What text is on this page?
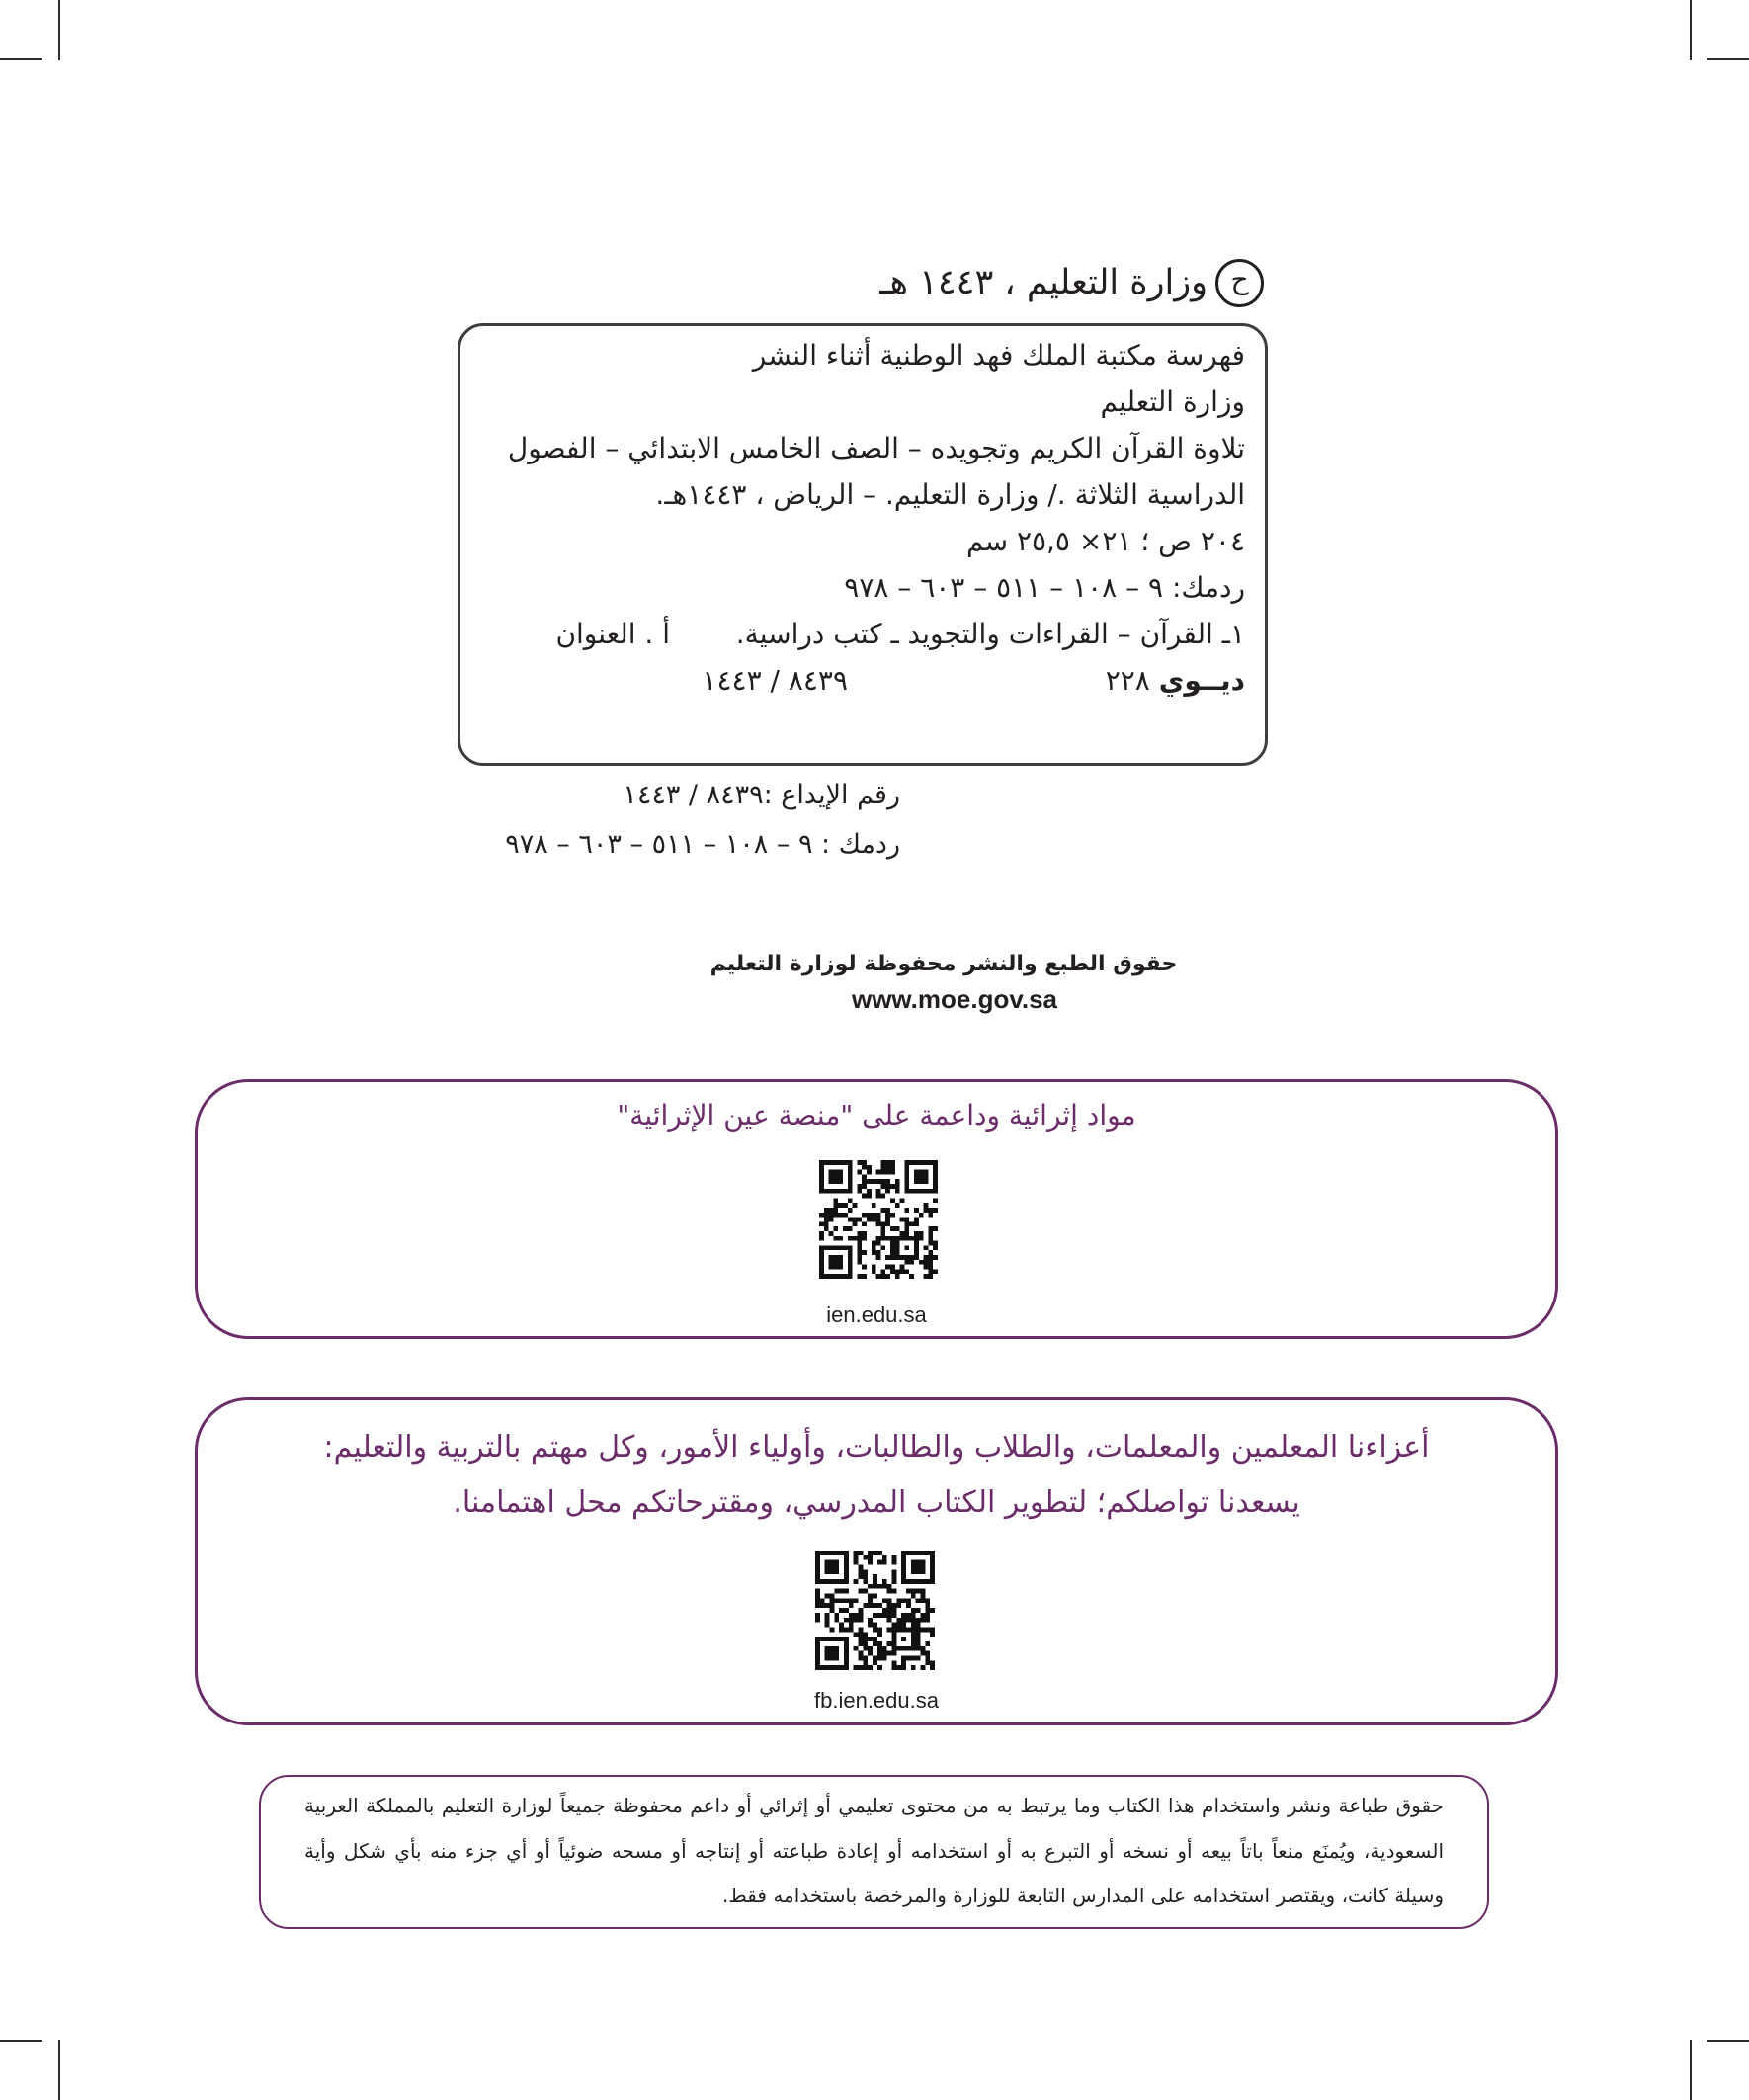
ح
وزارة التعليم ، ١٤٤٣ هـ
فهرسة مكتبة الملك فهد الوطنية أثناء النشر
وزارة التعليم
تلاوة القرآن الكريم وتجويده – الصف الخامس الابتدائي – الفصول
الدراسية الثلاثة ./ وزارة التعليم. – الرياض ، ١٤٤٣هـ.
٢٠٤ ص ؛ ٢١× ٢٥,٥ سم
ردمك: ٩ – ١٠٨ – ٥١١ – ٦٠٣ – ٩٧٨
١ـ القرآن – القراءات والتجويد ـ كتب دراسية.
أ . العنوان
ديــوي ٢٢٨
٨٤٣٩ / ١٤٤٣
رقم الإيداع :٨٤٣٩ / ١٤٤٣
ردمك : ٩ – ١٠٨ – ٥١١ – ٦٠٣ – ٩٧٨
حقوق الطبع والنشر محفوظة لوزارة التعليم
www.moe.gov.sa
مواد إثرائية وداعمة على "منصة عين الإثرائية"
ien.edu.sa
أعزاءنا المعلمين والمعلمات، والطلاب والطالبات، وأولياء الأمور، وكل مهتم بالتربية والتعليم:
يسعدنا تواصلكم؛ لتطوير الكتاب المدرسي، ومقترحاتكم محل اهتمامنا.
fb.ien.edu.sa
حقوق طباعة ونشر واستخدام هذا الكتاب وما يرتبط به من محتوى تعليمي أو إثرائي أو داعم محفوظة جميعاً لوزارة التعليم بالمملكة العربية
السعودية، ويُمنَع منعاً باتاً بيعه أو نسخه أو التبرع به أو استخدامه أو إعادة طباعته أو إنتاجه أو مسحه ضوئياً أو أي جزء منه بأي شكل وأية
وسيلة كانت، ويقتصر استخدامه على المدارس التابعة للوزارة والمرخصة باستخدامه فقط.
